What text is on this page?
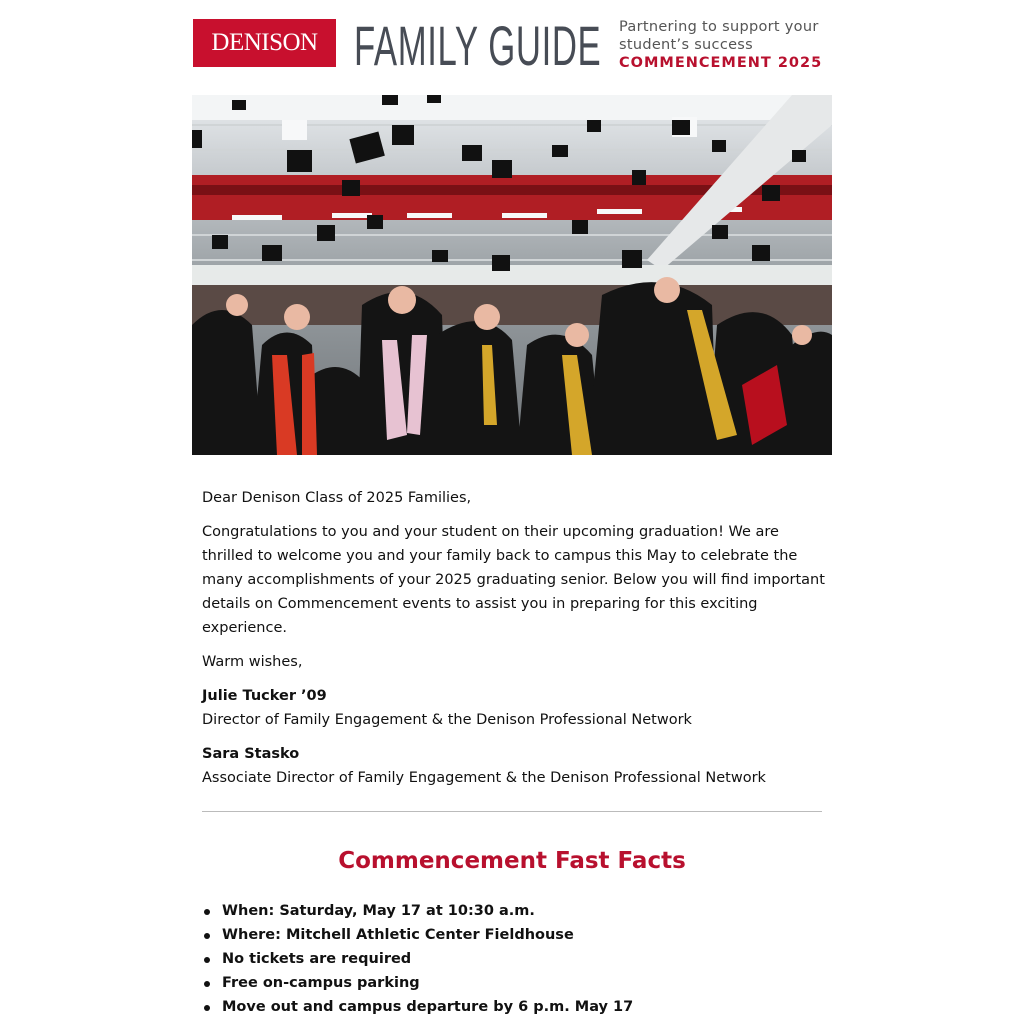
DENISON FAMILY GUIDE Partnering to support your student’s success
COMMENCEMENT 2025

Dear Denison Class of 2025 Families,

Congratulations to you and your student on their upcoming graduation! We are thrilled to welcome you and your family back to campus this May to celebrate the many accomplishments of your 2025 graduating senior. Below you will find important details on Commencement events to assist you in preparing for this exciting experience.

Warm wishes,

Julie Tucker ’09
Director of Family Engagement & the Denison Professional Network

Sara Stasko
Associate Director of Family Engagement & the Denison Professional Network

Commencement Fast Facts
When: Saturday, May 17 at 10:30 a.m.
Where: Mitchell Athletic Center Fieldhouse
No tickets are required
Free on-campus parking
Move out and campus departure by 6 p.m. May 17
